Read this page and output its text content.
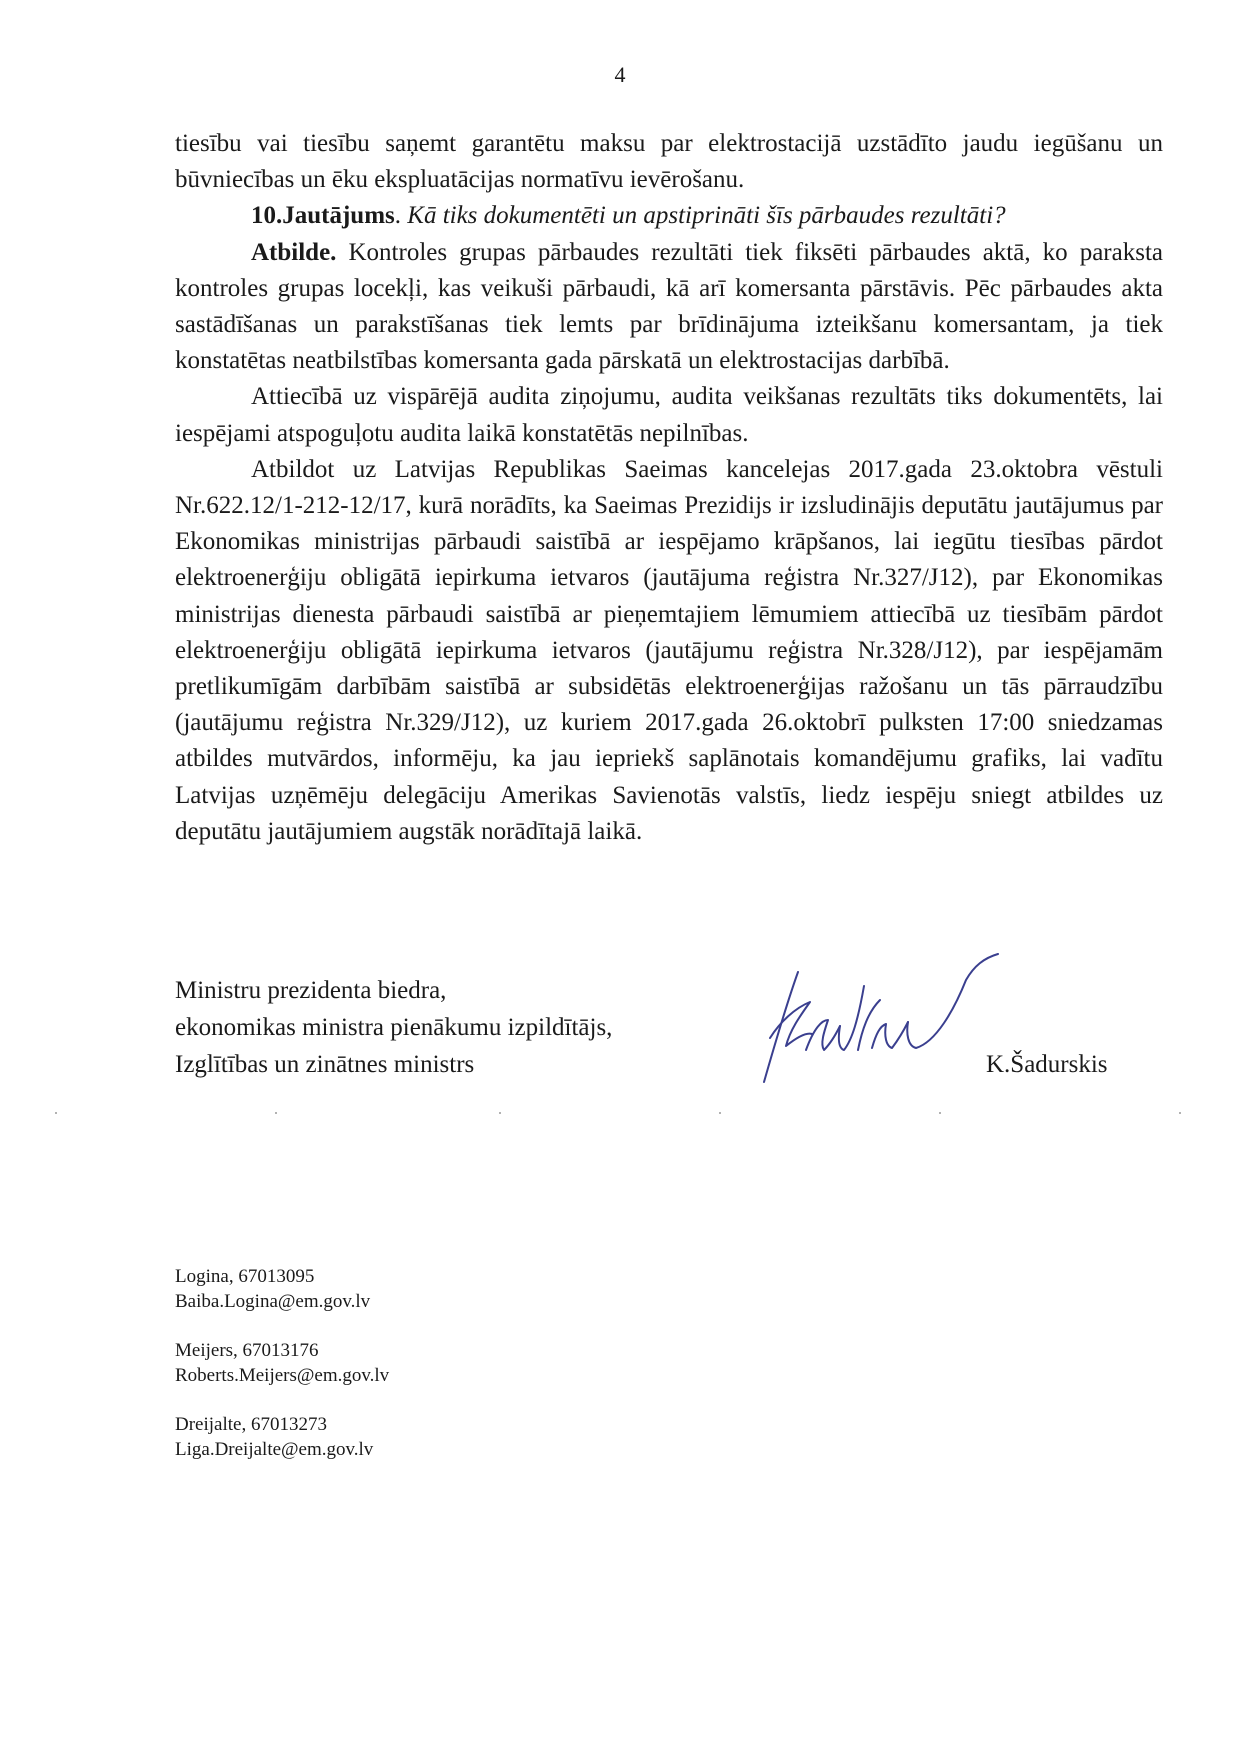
4

tiesību vai tiesību saņemt garantētu maksu par elektrostacijā uzstādīto jaudu iegūšanu un būvniecības un ēku ekspluatācijas normatīvu ievērošanu.

10.Jautājums. Kā tiks dokumentēti un apstiprināti šīs pārbaudes rezultāti?

Atbilde. Kontroles grupas pārbaudes rezultāti tiek fiksēti pārbaudes aktā, ko paraksta kontroles grupas locekļi, kas veikuši pārbaudi, kā arī komersanta pārstāvis. Pēc pārbaudes akta sastādīšanas un parakstīšanas tiek lemts par brīdinājuma izteikšanu komersantam, ja tiek konstatētas neatbilstības komersanta gada pārskatā un elektrostacijas darbībā.

Attiecībā uz vispārējā audita ziņojumu, audita veikšanas rezultāts tiks dokumentēts, lai iespējami atspoguļotu audita laikā konstatētās nepilnības.

Atbildot uz Latvijas Republikas Saeimas kancelejas 2017.gada 23.oktobra vēstuli Nr.622.12/1-212-12/17, kurā norādīts, ka Saeimas Prezidijs ir izsludinājis deputātu jautājumus par Ekonomikas ministrijas pārbaudi saistībā ar iespējamo krāpšanos, lai iegūtu tiesības pārdot elektroenerģiju obligātā iepirkuma ietvaros (jautājuma reģistra Nr.327/J12), par Ekonomikas ministrijas dienesta pārbaudi saistībā ar pieņemtajiem lēmumiem attiecībā uz tiesībām pārdot elektroenerģiju obligātā iepirkuma ietvaros (jautājumu reģistra Nr.328/J12), par iespējamām pretlikumīgām darbībām saistībā ar subsidētās elektroenerģijas ražošanu un tās pārraudzību (jautājumu reģistra Nr.329/J12), uz kuriem 2017.gada 26.oktobrī pulksten 17:00 sniedzamas atbildes mutvārdos, informēju, ka jau iepriekš saplānotais komandējumu grafiks, lai vadītu Latvijas uzņēmēju delegāciju Amerikas Savienotās valstīs, liedz iespēju sniegt atbildes uz deputātu jautājumiem augstāk norādītajā laikā.

Ministru prezidenta biedra,
ekonomikas ministra pienākumu izpildītājs,
Izglītības un zinātnes ministrs	K.Šadurskis
Logina, 67013095
Baiba.Logina@em.gov.lv
Meijers, 67013176
Roberts.Meijers@em.gov.lv
Dreijalte, 67013273
Liga.Dreijalte@em.gov.lv
